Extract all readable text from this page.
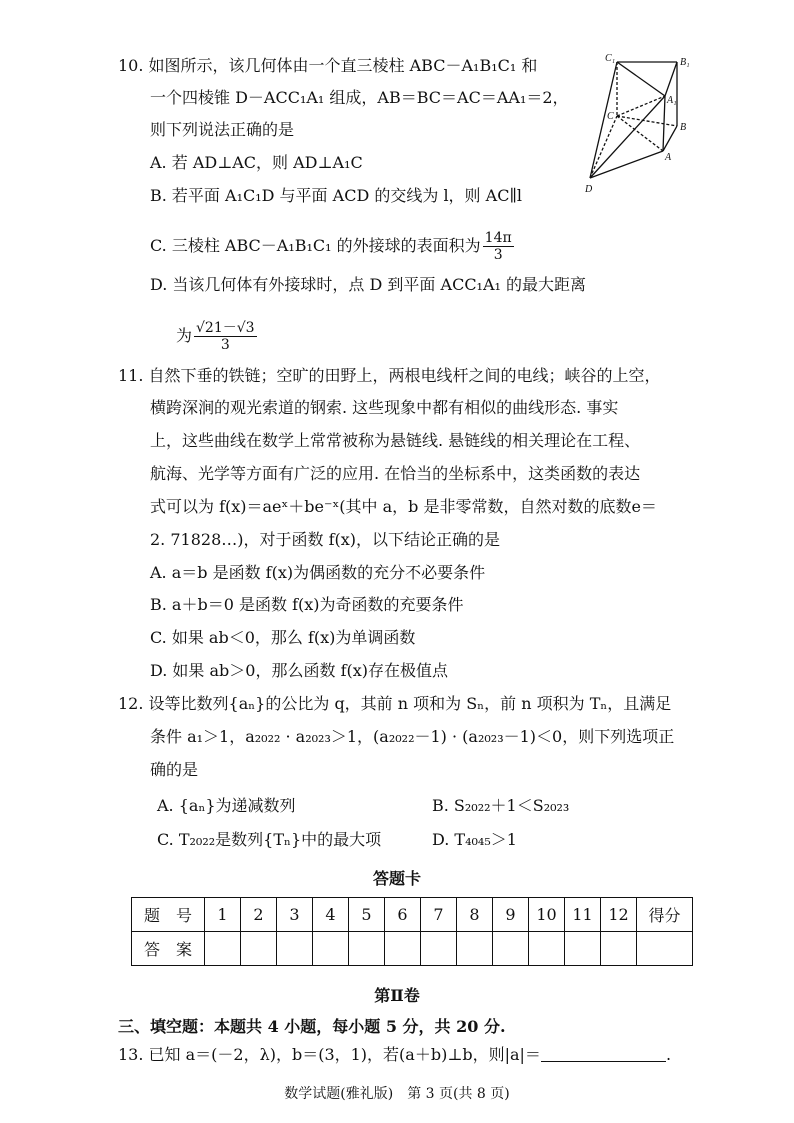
10. 如图所示，该几何体由一个直三棱柱 ABC－A₁B₁C₁ 和
一个四棱锥 D－ACC₁A₁ 组成，AB＝BC＝AC＝AA₁＝2，
则下列说法正确的是
A. 若 AD⊥AC，则 AD⊥A₁C
B. 若平面 A₁C₁D 与平面 ACD 的交线为 l，则 AC∥l
C. 三棱柱 ABC－A₁B₁C₁ 的外接球的表面积为 $\frac{14\pi}{3}$
D. 当该几何体有外接球时，点 D 到平面 ACC₁A₁ 的最大距离
为 $\frac{√21-√3}{3}$
C₁	B₁
A₁
C
B
A
D
11. 自然下垂的铁链；空旷的田野上，两根电线杆之间的电线；峡谷的上空，
横跨深涧的观光索道的钢索. 这些现象中都有相似的曲线形态. 事实
上，这些曲线在数学上常常被称为悬链线. 悬链线的相关理论在工程、
航海、光学等方面有广泛的应用. 在恰当的坐标系中，这类函数的表达
式可以为 f(x)＝aeˣ＋be⁻ˣ(其中 a，b 是非零常数，自然对数的底数e＝
2. 71828…)，对于函数 f(x)，以下结论正确的是
A. a＝b 是函数 f(x)为偶函数的充分不必要条件
B. a＋b＝0 是函数 f(x)为奇函数的充要条件
C. 如果 ab＜0，那么 f(x)为单调函数
D. 如果 ab＞0，那么函数 f(x)存在极值点
12. 设等比数列{aₙ}的公比为 q，其前 n 项和为 Sₙ，前 n 项积为 Tₙ，且满足
条件 a₁＞1，a₂₀₂₂ · a₂₀₂₃＞1，(a₂₀₂₂－1) · (a₂₀₂₃－1)＜0，则下列选项正
确的是
A. {aₙ}为递减数列	B. S₂₀₂₂＋1＜S₂₀₂₃
C. T₂₀₂₂是数列{Tₙ}中的最大项	D. T₄₀₄₅＞1
答题卡
题　号	1	2	3	4	5	6	7	8	9	10	11	12	得分
答　案													
第Ⅱ卷
三、填空题：本题共 4 小题，每小题 5 分，共 20 分.
13. 已知 a＝(－2，λ)，b＝(3，1)，若(a＋b)⊥b，则|a|＝	.
数学试题(雅礼版)　第 3 页(共 8 页)
